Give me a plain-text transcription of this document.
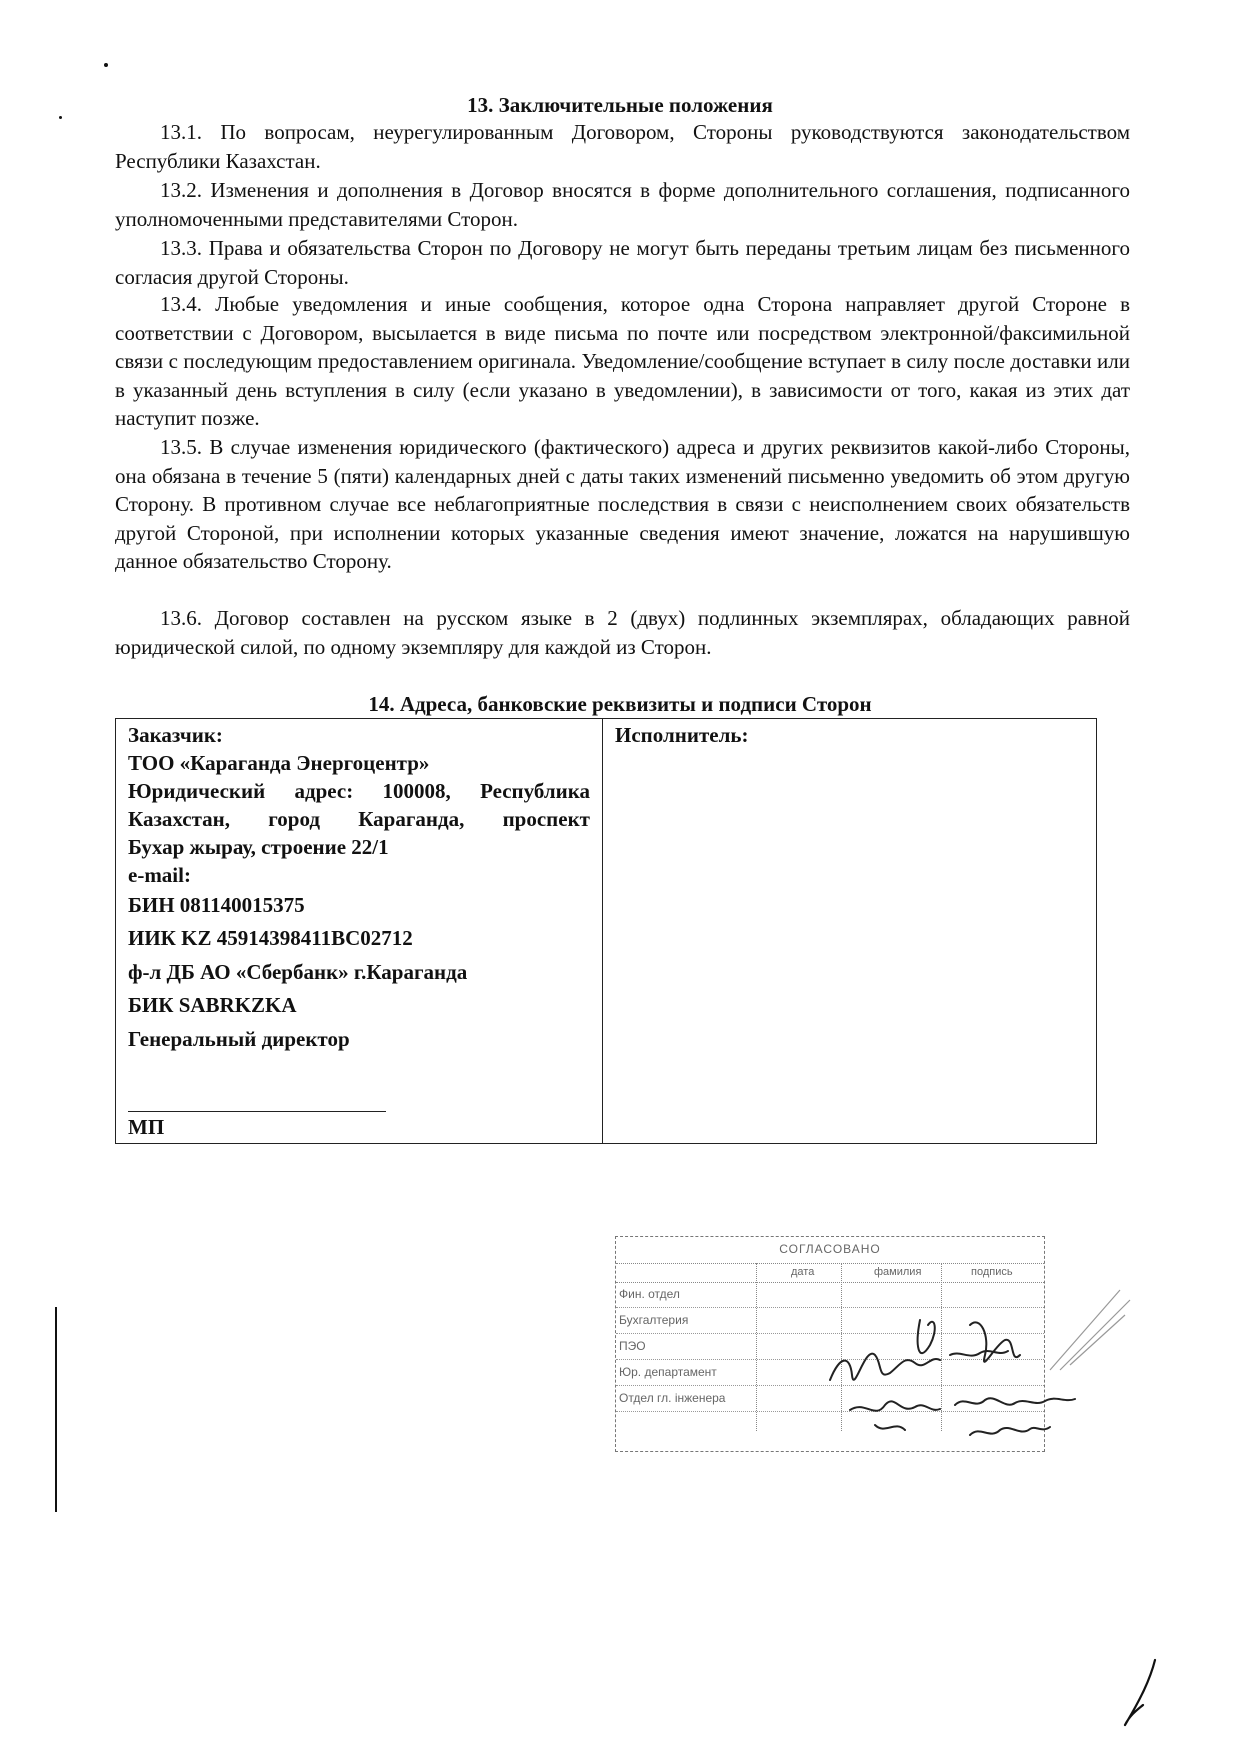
13. Заключительные положения
13.1. По вопросам, неурегулированным Договором, Стороны руководствуются законодательством Республики Казахстан.
13.2. Изменения и дополнения в Договор вносятся в форме дополнительного соглашения, подписанного уполномоченными представителями Сторон.
13.3. Права и обязательства Сторон по Договору не могут быть переданы третьим лицам без письменного согласия другой Стороны.
13.4. Любые уведомления и иные сообщения, которое одна Сторона направляет другой Стороне в соответствии с Договором, высылается в виде письма по почте или посредством электронной/факсимильной связи с последующим предоставлением оригинала. Уведомление/сообщение вступает в силу после доставки или в указанный день вступления в силу (если указано в уведомлении), в зависимости от того, какая из этих дат наступит позже.
13.5. В случае изменения юридического (фактического) адреса и других реквизитов какой-либо Стороны, она обязана в течение 5 (пяти) календарных дней с даты таких изменений письменно уведомить об этом другую Сторону. В противном случае все неблагоприятные последствия в связи с неисполнением своих обязательств другой Стороной, при исполнении которых указанные сведения имеют значение, ложатся на нарушившую данное обязательство Сторону.
13.6. Договор составлен на русском языке в 2 (двух) подлинных экземплярах, обладающих равной юридической силой, по одному экземпляру для каждой из Сторон.
14. Адреса, банковские реквизиты и подписи Сторон
Заказчик:
ТОО «Караганда Энергоцентр»
Юридический адрес: 100008, Республика
Казахстан, город Караганда, проспект
Бухар жырау, строение 22/1
e-mail:
БИН 081140015375
ИИК KZ 45914398411BC02712
ф-л ДБ АО «Сбербанк» г.Караганда
БИК SABRKZKA
Генеральный директор
МП
Исполнитель:
СОГЛАСОВАНО
дата	фамилия	подпись
Фин. отдел
Бухгалтерия
ПЭО
Юр. департамент
Отдел гл. інженера
